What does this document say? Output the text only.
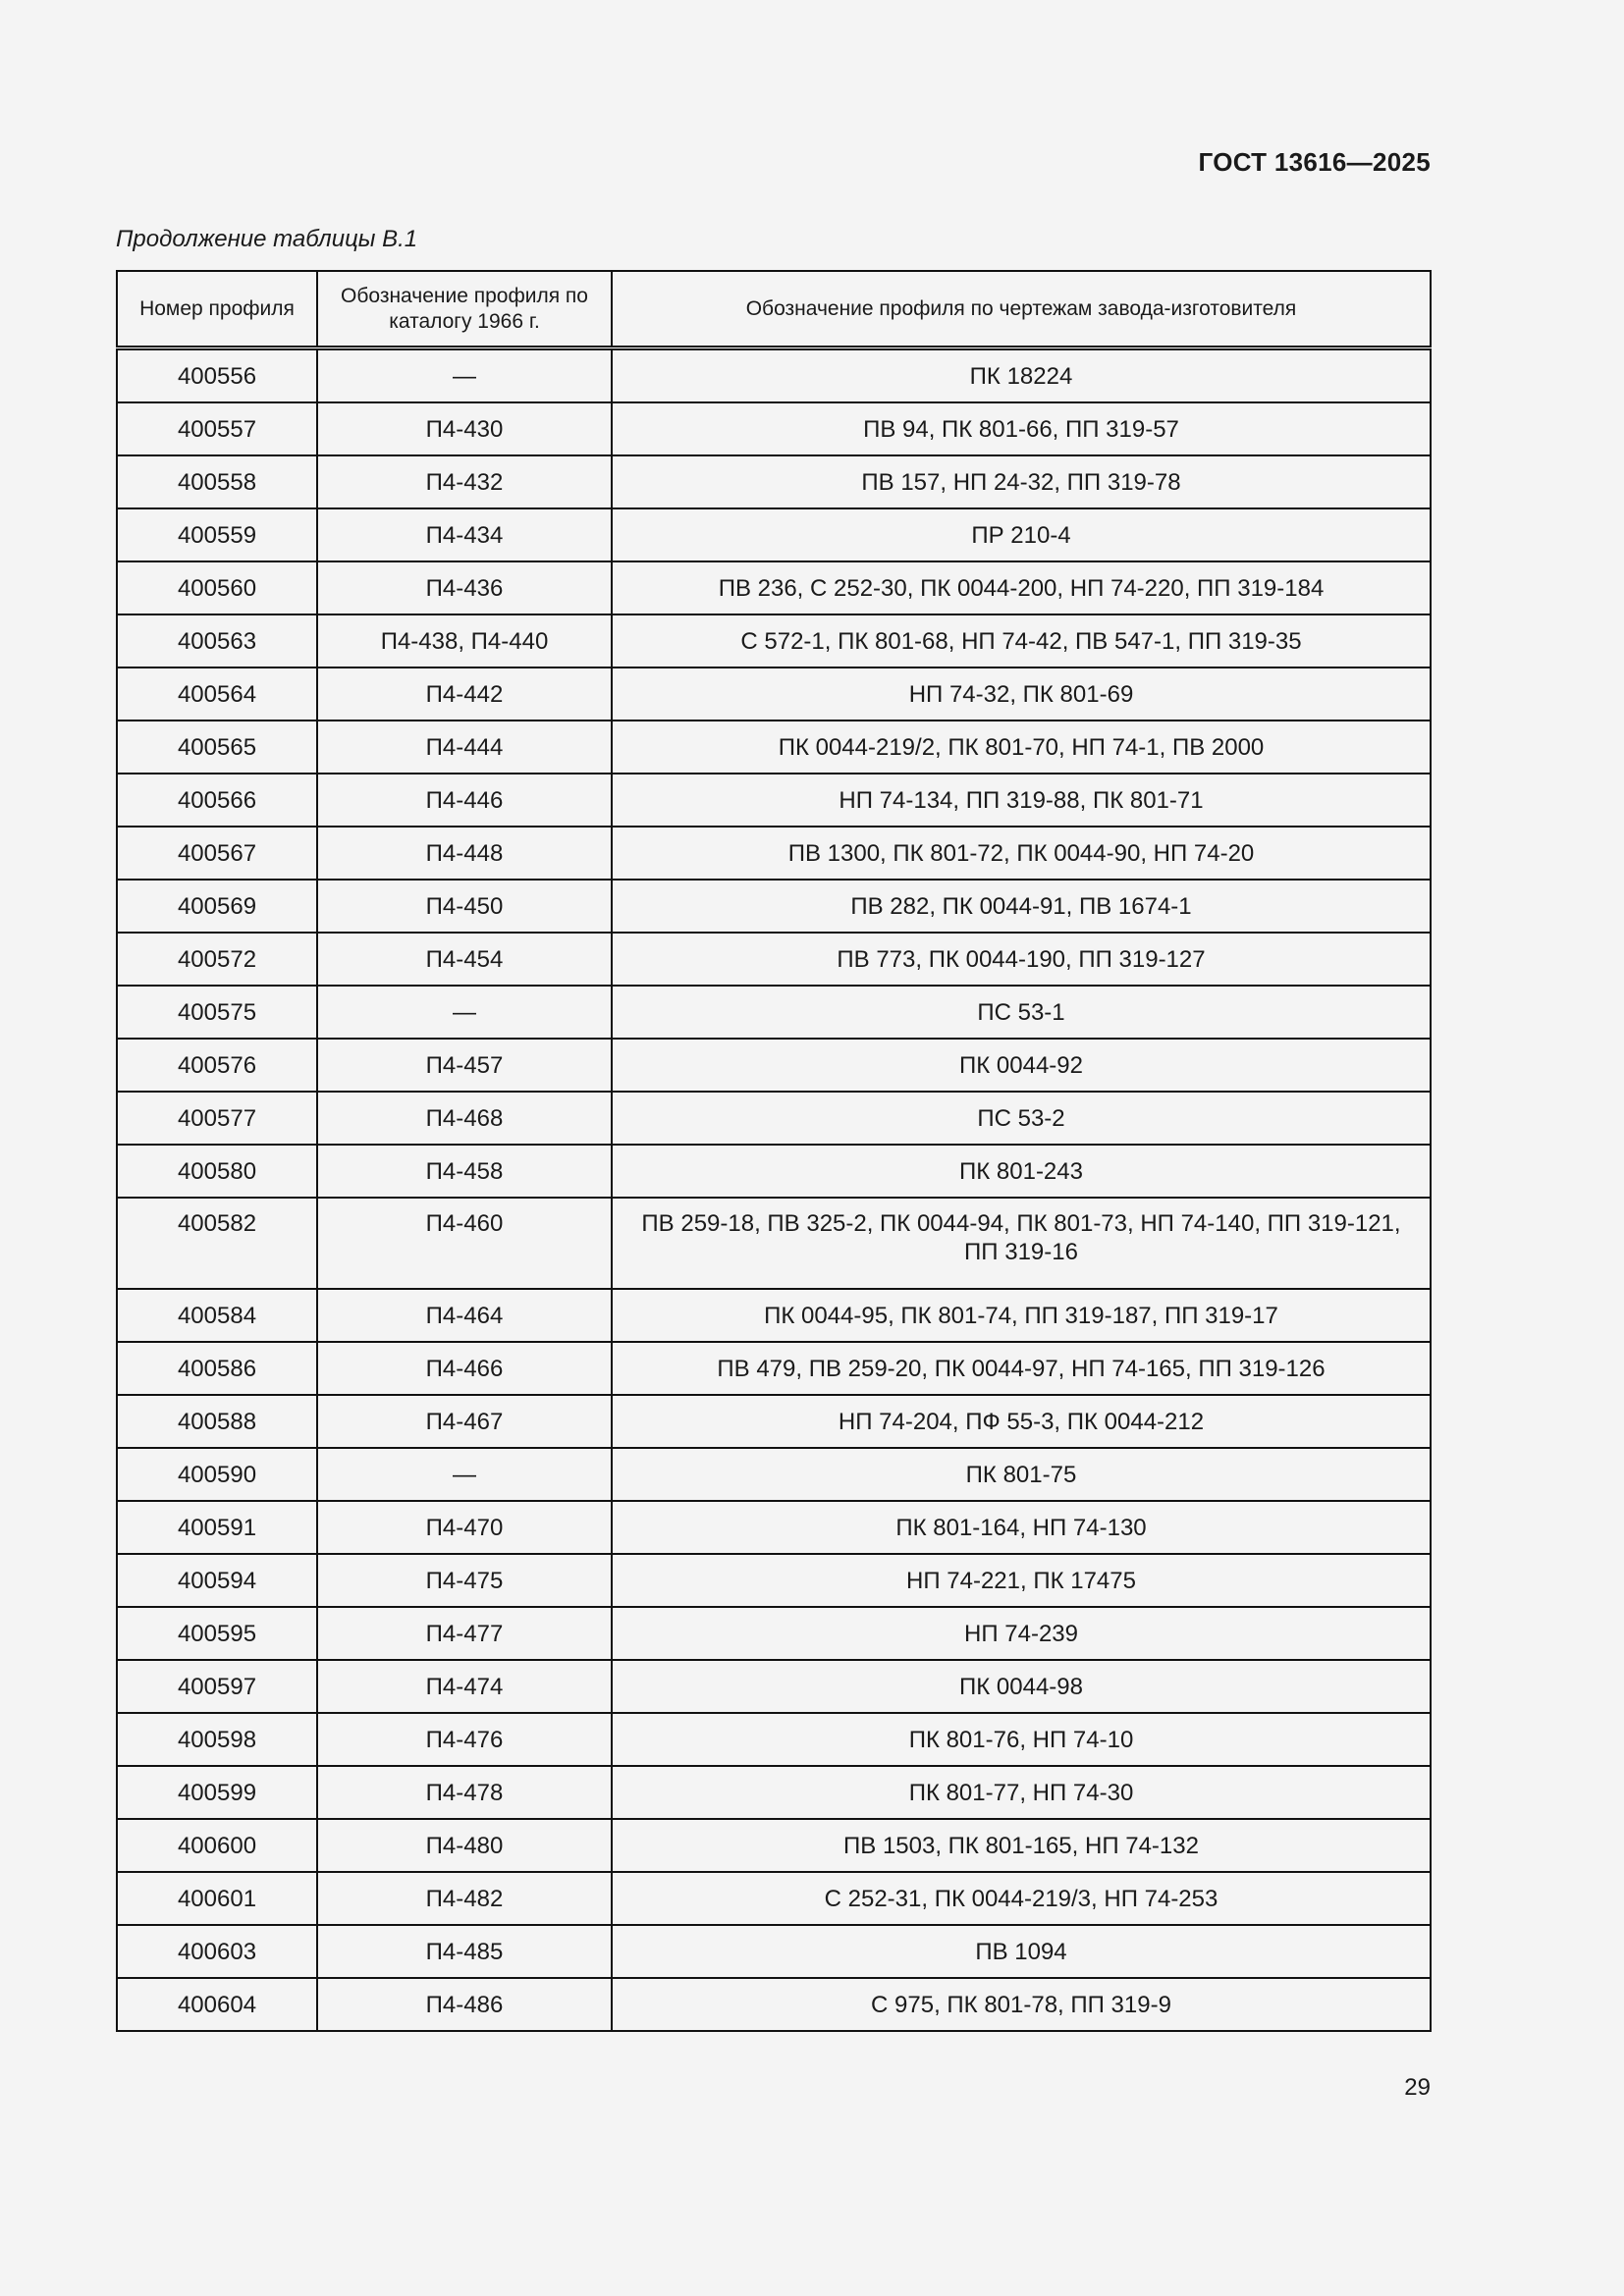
ГОСТ 13616—2025
Продолжение таблицы В.1
Номер профиля	Обозначение профиля по каталогу 1966 г.	Обозначение профиля по чертежам завода-изготовителя
400556	—	ПК 18224
400557	П4-430	ПВ 94, ПК 801-66, ПП 319-57
400558	П4-432	ПВ 157, НП 24-32, ПП 319-78
400559	П4-434	ПР 210-4
400560	П4-436	ПВ 236, С 252-30, ПК 0044-200, НП 74-220, ПП 319-184
400563	П4-438, П4-440	С 572-1, ПК 801-68, НП 74-42, ПВ 547-1, ПП 319-35
400564	П4-442	НП 74-32, ПК 801-69
400565	П4-444	ПК 0044-219/2, ПК 801-70, НП 74-1, ПВ 2000
400566	П4-446	НП 74-134, ПП 319-88, ПК 801-71
400567	П4-448	ПВ 1300, ПК 801-72, ПК 0044-90, НП 74-20
400569	П4-450	ПВ 282, ПК 0044-91, ПВ 1674-1
400572	П4-454	ПВ 773, ПК 0044-190, ПП 319-127
400575	—	ПС 53-1
400576	П4-457	ПК 0044-92
400577	П4-468	ПС 53-2
400580	П4-458	ПК 801-243
400582	П4-460	ПВ 259-18, ПВ 325-2, ПК 0044-94, ПК 801-73, НП 74-140, ПП 319-121, ПП 319-16
400584	П4-464	ПК 0044-95, ПК 801-74, ПП 319-187, ПП 319-17
400586	П4-466	ПВ 479, ПВ 259-20, ПК 0044-97, НП 74-165, ПП 319-126
400588	П4-467	НП 74-204, ПФ 55-3, ПК 0044-212
400590	—	ПК 801-75
400591	П4-470	ПК 801-164, НП 74-130
400594	П4-475	НП 74-221, ПК 17475
400595	П4-477	НП 74-239
400597	П4-474	ПК 0044-98
400598	П4-476	ПК 801-76, НП 74-10
400599	П4-478	ПК 801-77, НП 74-30
400600	П4-480	ПВ 1503, ПК 801-165, НП 74-132
400601	П4-482	С 252-31, ПК 0044-219/3, НП 74-253
400603	П4-485	ПВ 1094
400604	П4-486	С 975, ПК 801-78, ПП 319-9
29
